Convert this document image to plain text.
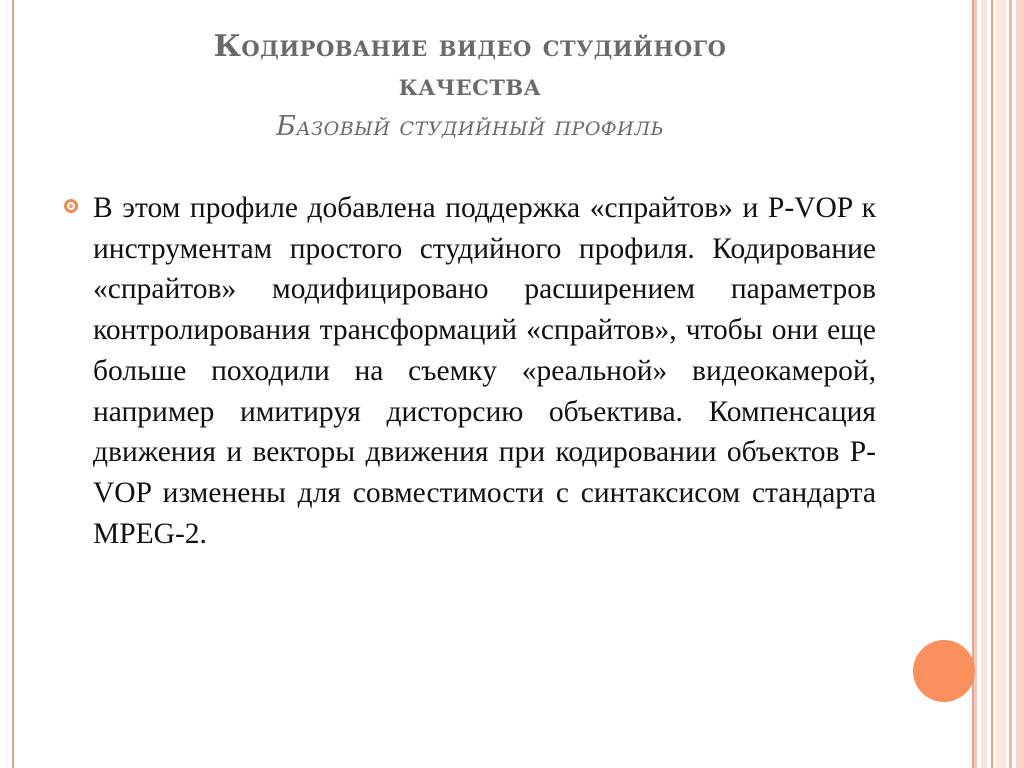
Кодирование видео студийного
качества
Базовый студийный профиль
В этом профиле добавлена поддержка «спрайтов» и P-VOP к инструментам простого студийного профиля. Кодирование «спрайтов» модифицировано расширением параметров контролирования трансформаций «спрайтов», чтобы они еще больше походили на съемку «реальной» видеокамерой, например имитируя дисторсию объектива. Компенсация движения и векторы движения при кодировании объектов P-VOP изменены для совместимости с синтаксисом стандарта MPEG-2.
